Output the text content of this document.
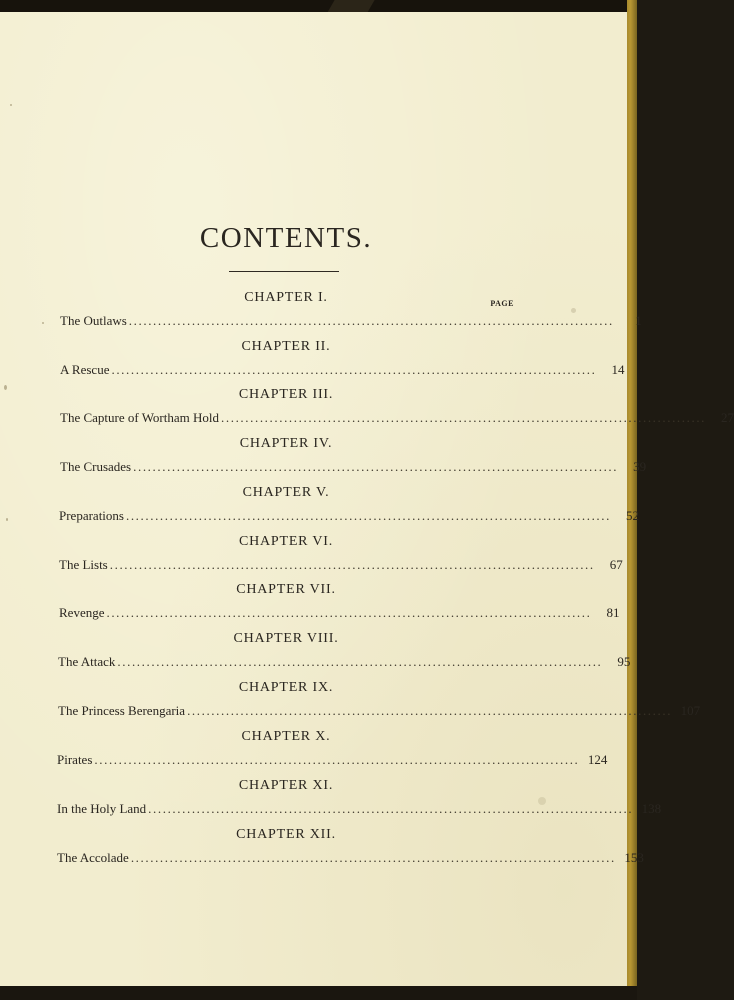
CONTENTS.
PAGE
CHAPTER I.
The Outlaws ....................................................................................................	1
CHAPTER II.
A Rescue ....................................................................................................	14
CHAPTER III.
The Capture of Wortham Hold ....................................................................................................	27
CHAPTER IV.
The Crusades ....................................................................................................	39
CHAPTER V.
Preparations ....................................................................................................	52
CHAPTER VI.
The Lists ....................................................................................................	67
CHAPTER VII.
Revenge ....................................................................................................	81
CHAPTER VIII.
The Attack ....................................................................................................	95
CHAPTER IX.
The Princess Berengaria .................................................................................................... 107
CHAPTER X.
Pirates .................................................................................................... 124
CHAPTER XI.
In the Holy Land .................................................................................................... 138
CHAPTER XII.
The Accolade .................................................................................................... 153
